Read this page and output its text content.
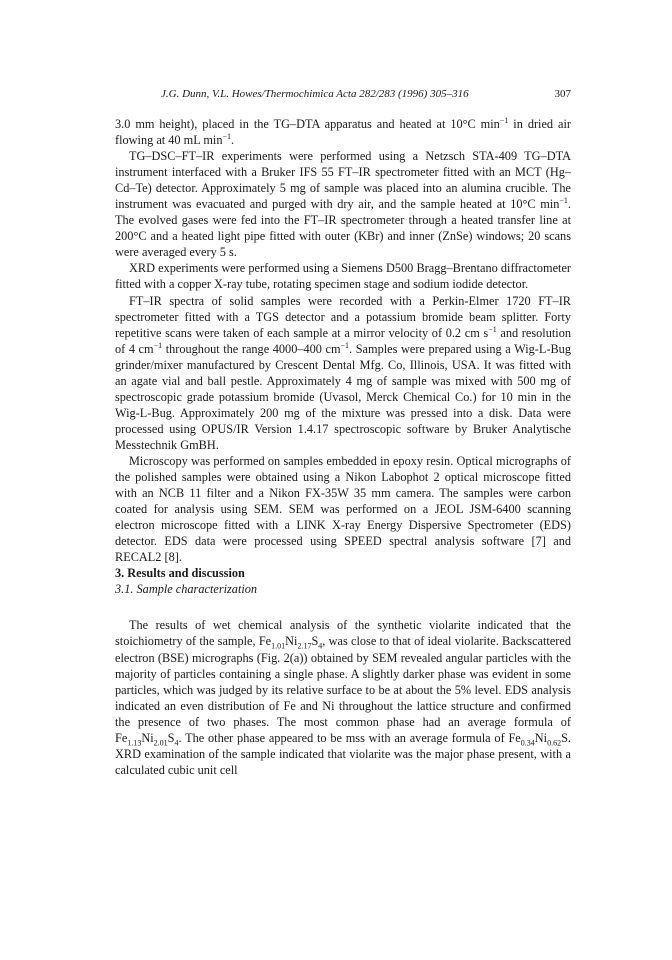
J.G. Dunn, V.L. Howes/Thermochimica Acta 282/283 (1996) 305–316	307

3.0 mm height), placed in the TG–DTA apparatus and heated at 10°C $\min^{-1}$ in dried air flowing at 40 mL $\min^{-1}$.

TG–DSC–FT–IR experiments were performed using a Netzsch STA-409 TG–DTA instrument interfaced with a Bruker IFS 55 FT–IR spectrometer fitted with an MCT (Hg–Cd–Te) detector. Approximately 5 mg of sample was placed into an alumina crucible. The instrument was evacuated and purged with dry air, and the sample heated at 10°C $\min^{-1}$. The evolved gases were fed into the FT–IR spectrometer through a heated transfer line at 200°C and a heated light pipe fitted with outer (KBr) and inner (ZnSe) windows; 20 scans were averaged every 5 s.

XRD experiments were performed using a Siemens D500 Bragg–Brentano diffractometer fitted with a copper X-ray tube, rotating specimen stage and sodium iodide detector.

FT–IR spectra of solid samples were recorded with a Perkin-Elmer 1720 FT–IR spectrometer fitted with a TGS detector and a potassium bromide beam splitter. Forty repetitive scans were taken of each sample at a mirror velocity of 0.2 cm $s^{-1}$ and resolution of 4 $cm^{-1}$ throughout the range 4000–400 $cm^{-1}$. Samples were prepared using a Wig-L-Bug grinder/mixer manufactured by Crescent Dental Mfg. Co, Illinois, USA. It was fitted with an agate vial and ball pestle. Approximately 4 mg of sample was mixed with 500 mg of spectroscopic grade potassium bromide (Uvasol, Merck Chemical Co.) for 10 min in the Wig-L-Bug. Approximately 200 mg of the mixture was pressed into a disk. Data were processed using OPUS/IR Version 1.4.17 spectroscopic software by Bruker Analytische Messtechnik GmBH.

Microscopy was performed on samples embedded in epoxy resin. Optical micrographs of the polished samples were obtained using a Nikon Labophot 2 optical microscope fitted with an NCB 11 filter and a Nikon FX-35W 35 mm camera. The samples were carbon coated for analysis using SEM. SEM was performed on a JEOL JSM-6400 scanning electron microscope fitted with a LINK X-ray Energy Dispersive Spectrometer (EDS) detector. EDS data were processed using SPEED spectral analysis software [7] and RECAL2 [8].

3. Results and discussion

3.1. Sample characterization

The results of wet chemical analysis of the synthetic violarite indicated that the stoichiometry of the sample, $Fe_{1.01}Ni_{2.17}S_4$, was close to that of ideal violarite. Backscattered electron (BSE) micrographs (Fig. 2(a)) obtained by SEM revealed angular particles with the majority of particles containing a single phase. A slightly darker phase was evident in some particles, which was judged by its relative surface to be at about the 5% level. EDS analysis indicated an even distribution of Fe and Ni throughout the lattice structure and confirmed the presence of two phases. The most common phase had an average formula of $Fe_{1.13}Ni_{2.01}S_4$. The other phase appeared to be mss with an average formula of $Fe_{0.34}Ni_{0.62}S$. XRD examination of the sample indicated that violarite was the major phase present, with a calculated cubic unit cell
